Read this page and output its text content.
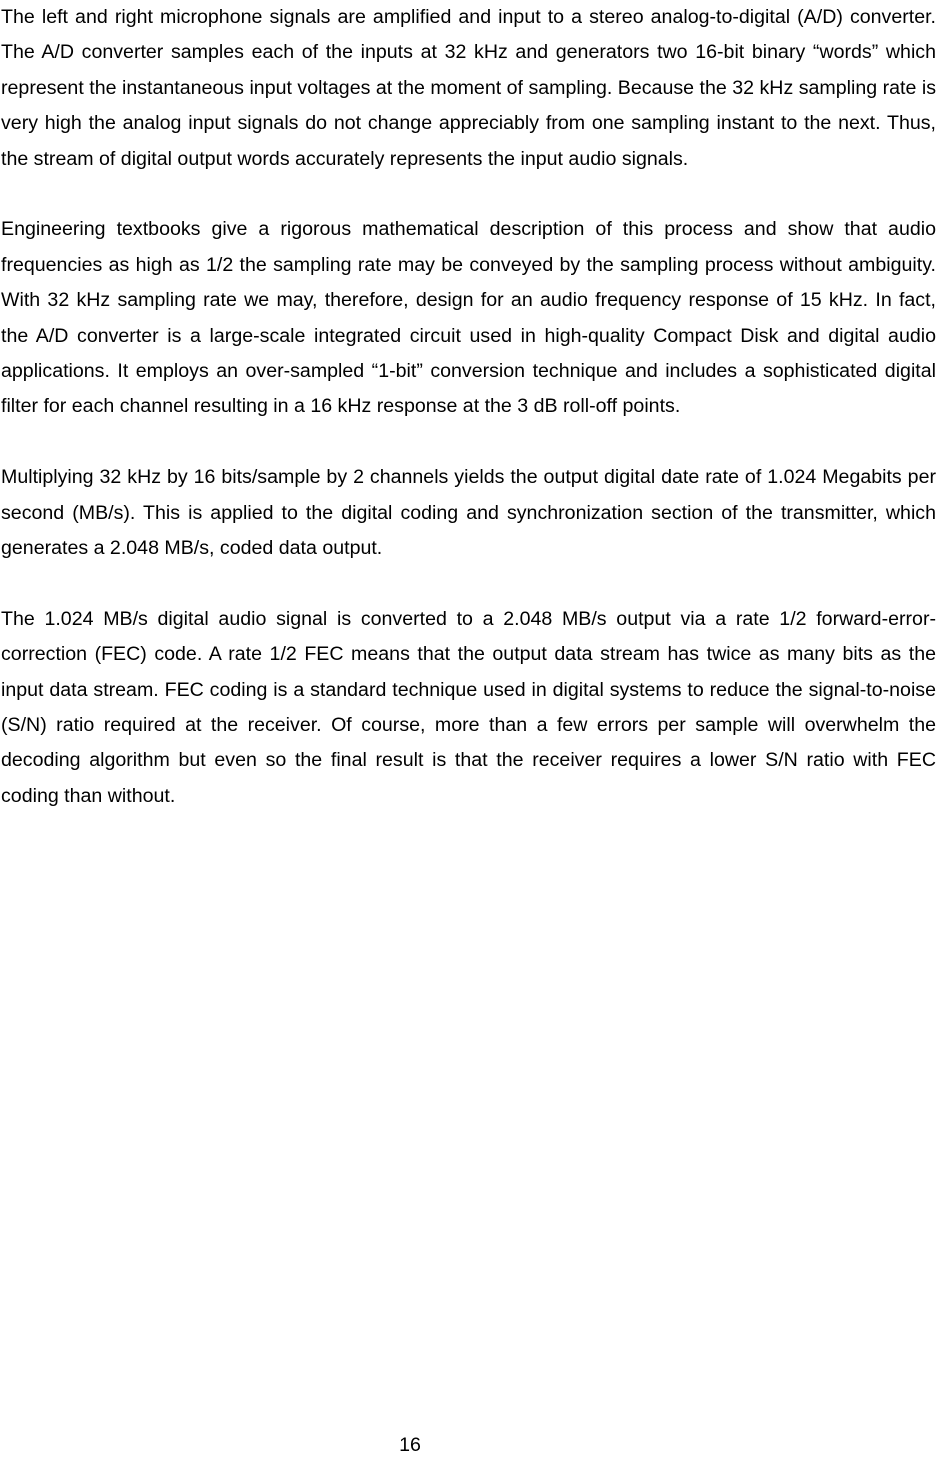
The left and right microphone signals are amplified and input to a stereo analog-to-digital (A/D) converter. The A/D converter samples each of the inputs at 32 kHz and generators two 16-bit binary “words” which represent the instantaneous input voltages at the moment of sampling. Because the 32 kHz sampling rate is very high the analog input signals do not change appreciably from one sampling instant to the next. Thus, the stream of digital output words accurately represents the input audio signals.

Engineering textbooks give a rigorous mathematical description of this process and show that audio frequencies as high as 1/2 the sampling rate may be conveyed by the sampling process without ambiguity. With 32 kHz sampling rate we may, therefore, design for an audio frequency response of 15 kHz. In fact, the A/D converter is a large-scale integrated circuit used in high-quality Compact Disk and digital audio applications. It employs an over-sampled “1-bit” conversion technique and includes a sophisticated digital filter for each channel resulting in a 16 kHz response at the 3 dB roll-off points.

Multiplying 32 kHz by 16 bits/sample by 2 channels yields the output digital date rate of 1.024 Megabits per second (MB/s). This is applied to the digital coding and synchronization section of the transmitter, which generates a 2.048 MB/s, coded data output.

The 1.024 MB/s digital audio signal is converted to a 2.048 MB/s output via a rate 1/2 forward-error-correction (FEC) code. A rate 1/2 FEC means that the output data stream has twice as many bits as the input data stream. FEC coding is a standard technique used in digital systems to reduce the signal-to-noise (S/N) ratio required at the receiver. Of course, more than a few errors per sample will overwhelm the decoding algorithm but even so the final result is that the receiver requires a lower S/N ratio with FEC coding than without.

16
